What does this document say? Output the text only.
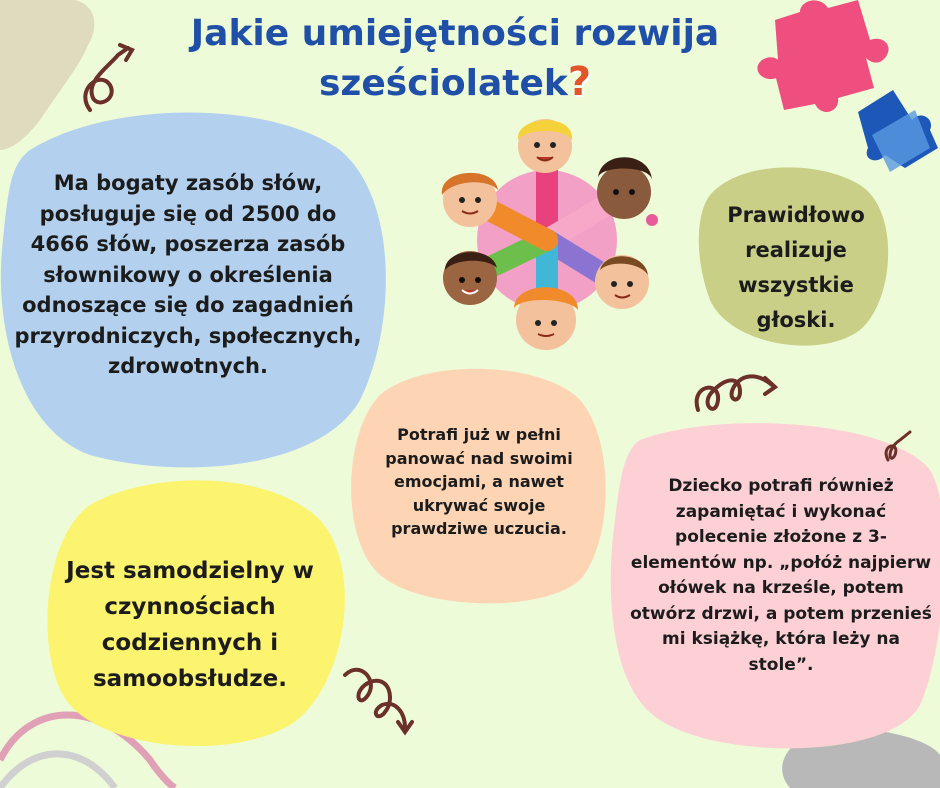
Jakie umiejętności rozwija
sześciolatek?
Ma bogaty zasób słów, posługuje się od 2500 do 4666 słów, poszerza zasób słownikowy o określenia odnoszące się do zagadnień przyrodniczych, społecznych, zdrowotnych.
Prawidłowo realizuje wszystkie głoski.
Potrafi już w pełni panować nad swoimi emocjami, a nawet ukrywać swoje prawdziwe uczucia.
Jest samodzielny w czynnościach codziennych i samoobsłudze.
Dziecko potrafi również zapamiętać i wykonać polecenie złożone z 3-elementów np. „połóż najpierw ołówek na krześle, potem otwórz drzwi, a potem przenieś mi książkę, która leży na stole”.
